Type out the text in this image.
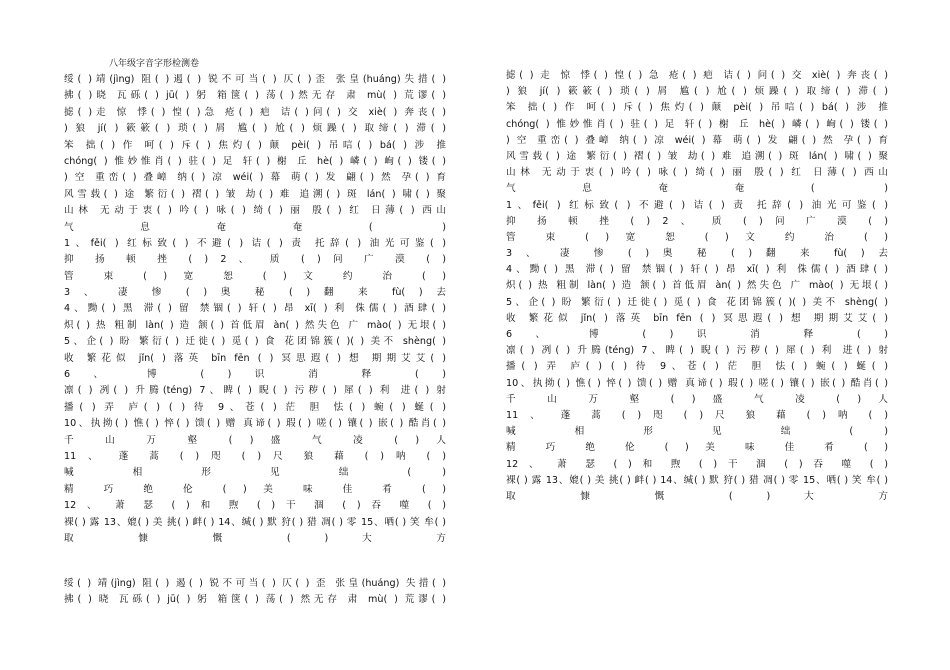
八年级字音字形检测卷
绥( )靖(jìng) 阻( )遏( ) 锐不可当( ) 仄( )歪 张皇(huáng)失措( )
拂( )晓 瓦砾( ) jū( ) 躬 箱箧( ) 荡( )然无存 肃 mù( ) 荒谬( )
摅( )走 惊 悸( ) 惶( )急 疮( ) 疤 诘( )问( ) 交 xiè( ) 奔丧( )
) 狼 jí( ) 簌簌( ) 琐( ) 屑 尴( ) 尬( ) 烦躁( ) 取缔( ) 滞( )
笨 拙( ) 作 呵( ) 斥( ) 焦灼( ) 颠 pèi( ) 吊唁( ) bá( ) 涉 推
chóng( ) 惟妙惟肖( ) 驻( ) 足 轩( ) 榭 丘 hè( ) 嶙( ) 峋( ) 镂( )
) 空 重峦( ) 叠嶂 纳( ) 凉 wéi( ) 幕 萌( ) 发 翩( ) 然 孕( ) 育
风雪载( ) 途 繁衍( ) 褶( ) 皱 劫( ) 难 追溯( ) 斑 lán( ) 啸( ) 聚
山林 无动于衷( ) 吟( ) 咏( ) 绮( ) 丽 殷( ) 红 日薄( ) 西山
气息奄奄( )
1、fěi( ) 红标致( ) 不避( ) 诘( ) 责 托辞( ) 油光可鉴( )
抑 扬 顿 挫 ( ) 2 、 质 ( ) 问 广 漠 ( )
管 束 ( ) 宽 恕 ( ) 文 约 治 ( )
3 、 凄 惨 ( ) 奥 秘 ( ) 翻 来 fù( ) 去
4、黝( ) 黑 滞( ) 留 禁锢( ) 轩( ) 昂 xī( ) 利 侏儒( ) 酒肆( )
炽( ) 热 粗制 làn( ) 造 颔( ) 首低眉 àn( ) 然失色 广 mào( ) 无垠( )
5、企( ) 盼 繁衍( ) 迁徙( ) 觅( ) 食 花团锦簇( )( ) 美不 shèng( )
收 繁花似 jǐn( ) 落英 bīn fēn ( ) 冥思遐( ) 想 期期艾艾( )
6 、 博 ( ) 识 消 释 ( )
凛( ) 冽( ) 升腾(téng) 7、睥( ) 睨( ) 污秽( ) 犀( ) 利 进( ) 射
播( ) 弄 庐( ) ( ) 待 9、苍( ) 茫 胆 怯( ) 蜿( ) 蜒( )
10、执拗( ) 憔( ) 悴( ) 馈( ) 赠 真谛( ) 瑕( ) 嗟( ) 镶( ) 嵌( ) 酷肖( )
千 山 万 壑 ( ) 盛 气 凌 ( ) 人
11 、 蓬 蒿 ( ) 咫 ( ) 尺 狼 藉 ( ) 呐 ( )
喊 相 形 见 绌 ( )
精 巧 绝 伦 ( ) 美 味 佳 肴 ( )
12 、 萧 瑟 ( ) 和 煦 ( ) 干 涸 ( ) 吞 噬 ( )
裸( ) 露 13、媲( ) 美 挑( ) 衅( ) 14、缄( ) 默 狩( ) 猎 凋( ) 零 15、哂( ) 笑 牟( )
取 慷 慨 ( ) 大 方
摅( ) 走 惊 悸( ) 惶( ) 急 疮( ) 疤 诘( ) 问( ) 交 xiè( ) 奔丧( )
) 狼 jí( ) 簌簌( ) 琐( ) 屑 尴( ) 尬( ) 烦躁( ) 取缔( ) 滞( )
笨 拙( ) 作 呵( ) 斥( ) 焦灼( ) 颠 pèi( ) 吊唁( ) bá( ) 涉 推
chóng( ) 惟妙惟肖( ) 驻( ) 足 轩( ) 榭 丘 hè( ) 嶙( ) 峋( ) 镂( )
) 空 重峦( ) 叠嶂 纳( ) 凉 wéi( ) 幕 萌( ) 发 翩( ) 然 孕( ) 育
风雪载( ) 途 繁衍( ) 褶( ) 皱 劫( ) 难 追溯( ) 斑 lán( ) 啸( ) 聚
山林 无动于衷( ) 吟( ) 咏( ) 绮( ) 丽 殷( ) 红 日薄( ) 西山
气息奄奄( )
1、fěi( ) 红标致( ) 不避( ) 诘( ) 责 托辞( ) 油光可鉴( )
抑 扬 顿 挫 ( ) 2 、 质 ( ) 问 广 漠 ( )
管 束 ( ) 宽 恕 ( ) 文 约 治 ( )
3 、 凄 惨 ( ) 奥 秘 ( ) 翻 来 fù( ) 去
4、黝( ) 黑 滞( ) 留 禁锢( ) 轩( ) 昂 xī( ) 利 侏儒( ) 酒肆( )
炽( ) 热 粗制 làn( ) 造 颔( ) 首低眉 àn( ) 然失色 广 mào( ) 无垠( )
5、企( ) 盼 繁衍( ) 迁徙( ) 觅( ) 食 花团锦簇( )( ) 美不 shèng( )
收 繁花似 jǐn( ) 落英 bīn fēn ( ) 冥思遐( ) 想 期期艾艾( )
6 、 博 ( ) 识 消 释 ( )
凛( ) 冽( ) 升腾(téng) 7、睥( ) 睨( ) 污秽( ) 犀( ) 利 进( ) 射
播( ) 弄 庐( ) ( ) 待 9、苍( ) 茫 胆 怯( ) 蜿( ) 蜒( )
10、执拗( ) 憔( ) 悴( ) 馈( ) 赠 真谛( ) 瑕( ) 嗟( ) 镶( ) 嵌( ) 酷肖( )
千 山 万 壑 ( ) 盛 气 凌 ( ) 人
11 、 蓬 蒿 ( ) 咫 ( ) 尺 狼 藉 ( ) 呐 ( )
喊 相 形 见 绌 ( )
精 巧 绝 伦 ( ) 美 味 佳 肴 ( )
12 、 萧 瑟 ( ) 和 煦 ( ) 干 涸 ( ) 吞 噬 ( )
裸( ) 露 13、媲( ) 美 挑( ) 衅( ) 14、缄( ) 默 狩( ) 猎 凋( ) 零 15、哂( ) 笑 牟( )
取 慷 慨 ( ) 大 方
绥( ) 靖(jìng) 阻( ) 遏( ) 锐不可当( ) 仄( ) 歪 张皇(huáng) 失措( )
拂( ) 晓 瓦砾( ) jū( ) 躬 箱箧( ) 荡( ) 然无存 肃 mù( ) 荒谬( )
